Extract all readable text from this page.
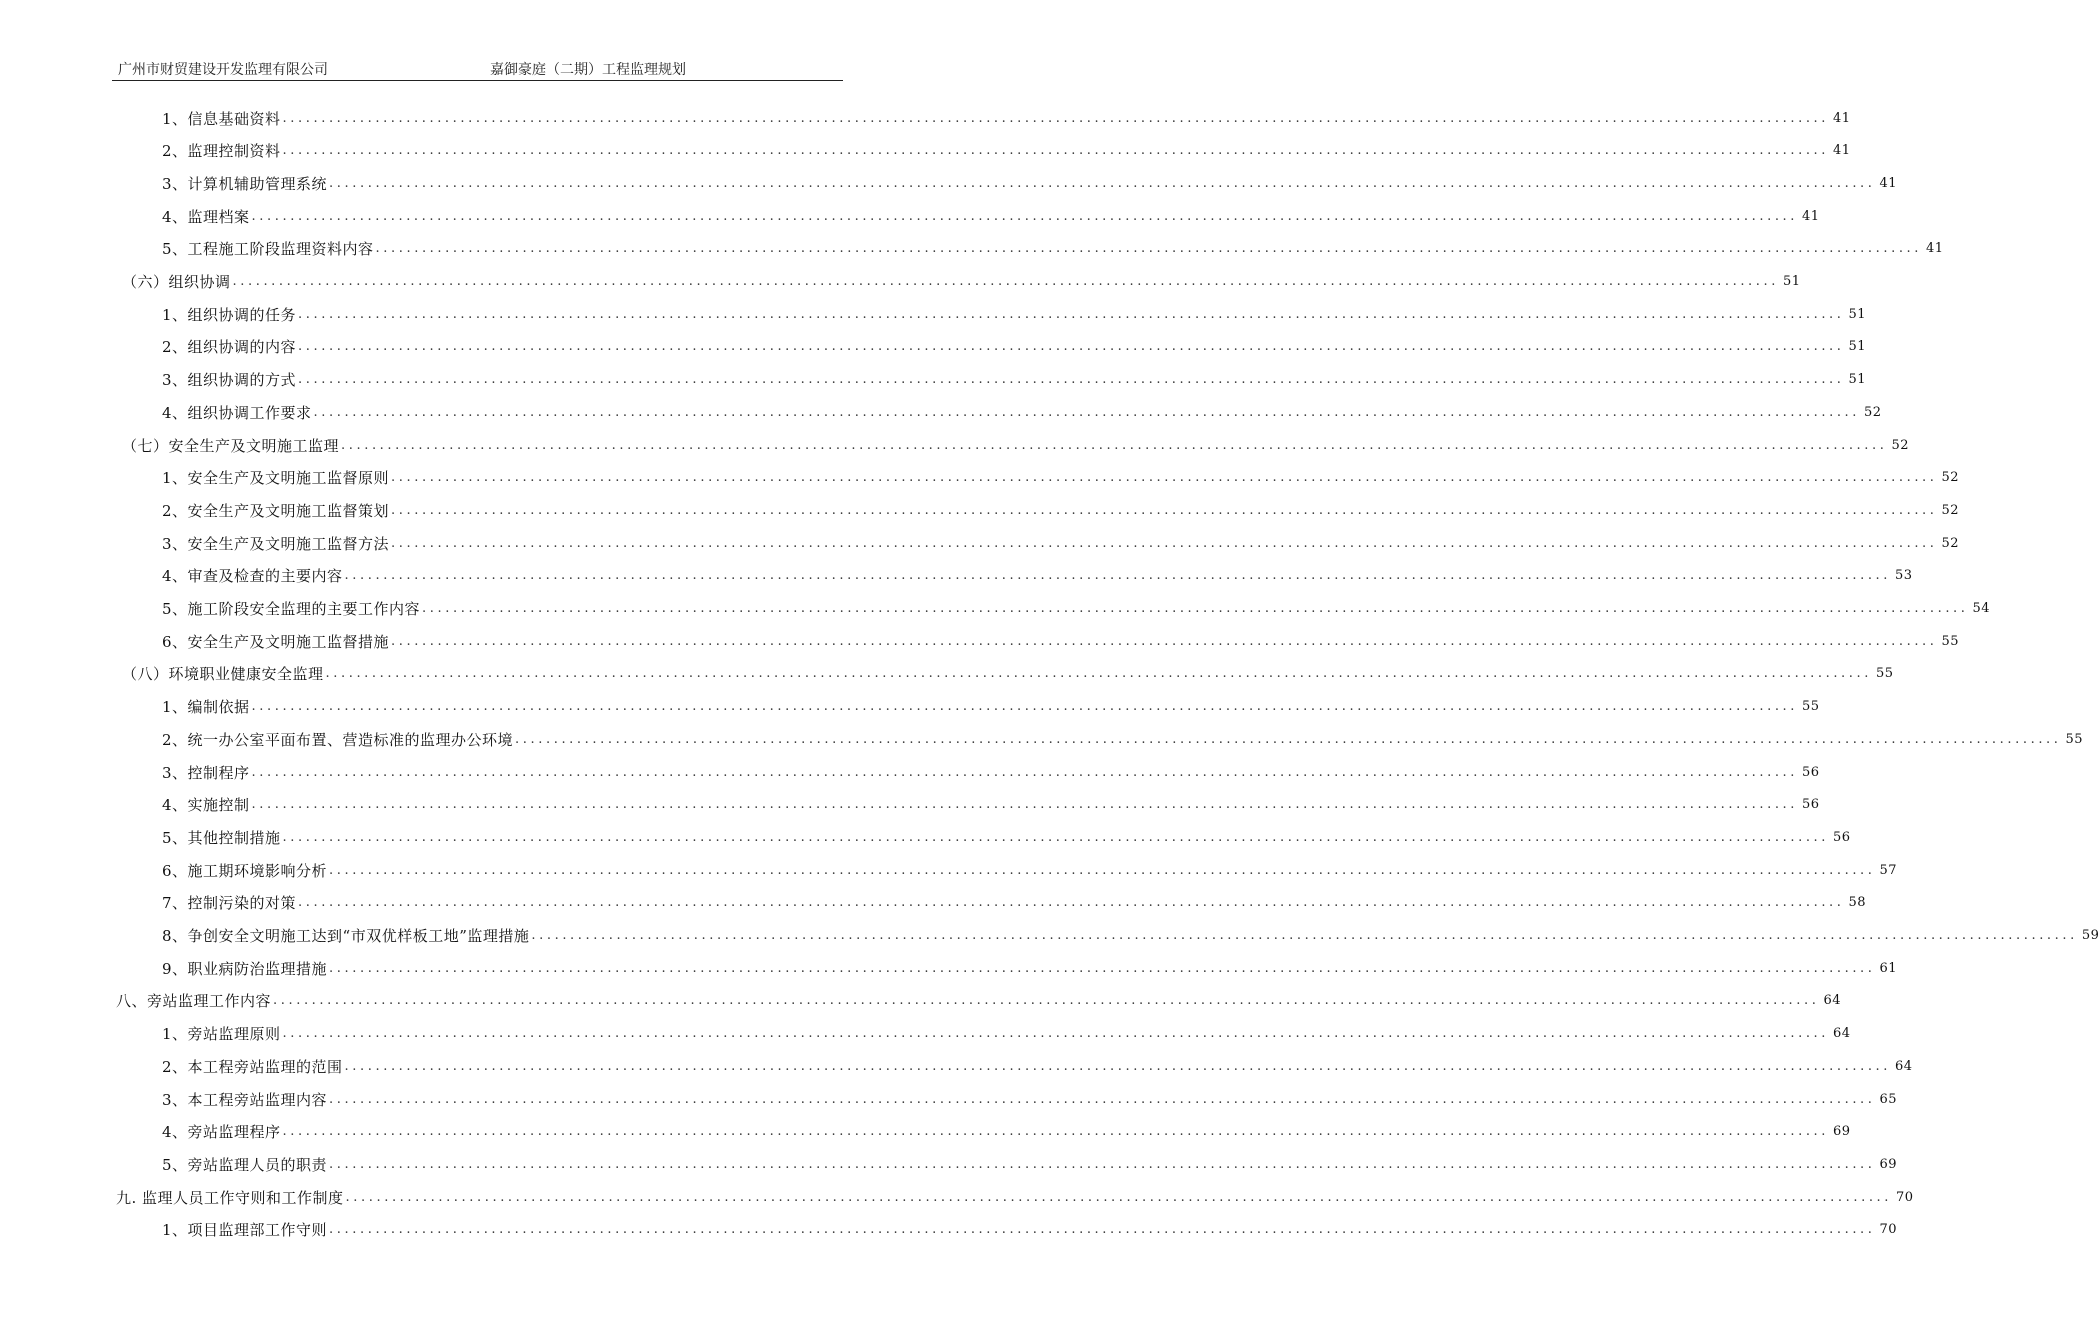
广州市财贸建设开发监理有限公司	嘉御豪庭（二期）工程监理规划
1、信息基础资料 ........................................................................................................................................................................................................ 41
2、监理控制资料 ........................................................................................................................................................................................................ 41
3、计算机辅助管理系统 ........................................................................................................................................................................................................ 41
4、监理档案 ........................................................................................................................................................................................................ 41
5、工程施工阶段监理资料内容 ........................................................................................................................................................................................................ 41
（六）组织协调 ........................................................................................................................................................................................................ 51
1、组织协调的任务 ........................................................................................................................................................................................................ 51
2、组织协调的内容 ........................................................................................................................................................................................................ 51
3、组织协调的方式 ........................................................................................................................................................................................................ 51
4、组织协调工作要求 ........................................................................................................................................................................................................ 52
（七）安全生产及文明施工监理 ........................................................................................................................................................................................................ 52
1、安全生产及文明施工监督原则 ........................................................................................................................................................................................................ 52
2、安全生产及文明施工监督策划 ........................................................................................................................................................................................................ 52
3、安全生产及文明施工监督方法 ........................................................................................................................................................................................................ 52
4、审查及检查的主要内容 ........................................................................................................................................................................................................ 53
5、施工阶段安全监理的主要工作内容 ........................................................................................................................................................................................................ 54
6、安全生产及文明施工监督措施 ........................................................................................................................................................................................................ 55
（八）环境职业健康安全监理 ........................................................................................................................................................................................................ 55
1、编制依据 ........................................................................................................................................................................................................ 55
2、统一办公室平面布置、营造标准的监理办公环境 ........................................................................................................................................................................................................ 55
3、控制程序 ........................................................................................................................................................................................................ 56
4、实施控制 ........................................................................................................................................................................................................ 56
5、其他控制措施 ........................................................................................................................................................................................................ 56
6、施工期环境影响分析 ........................................................................................................................................................................................................ 57
7、控制污染的对策 ........................................................................................................................................................................................................ 58
8、争创安全文明施工达到“市双优样板工地”监理措施 ........................................................................................................................................................................................................ 59
9、职业病防治监理措施 ........................................................................................................................................................................................................ 61
八、旁站监理工作内容 ........................................................................................................................................................................................................ 64
1、旁站监理原则 ........................................................................................................................................................................................................ 64
2、本工程旁站监理的范围 ........................................................................................................................................................................................................ 64
3、本工程旁站监理内容 ........................................................................................................................................................................................................ 65
4、旁站监理程序 ........................................................................................................................................................................................................ 69
5、旁站监理人员的职责 ........................................................................................................................................................................................................ 69
九. 监理人员工作守则和工作制度 ........................................................................................................................................................................................................ 70
1、项目监理部工作守则 ........................................................................................................................................................................................................ 70
